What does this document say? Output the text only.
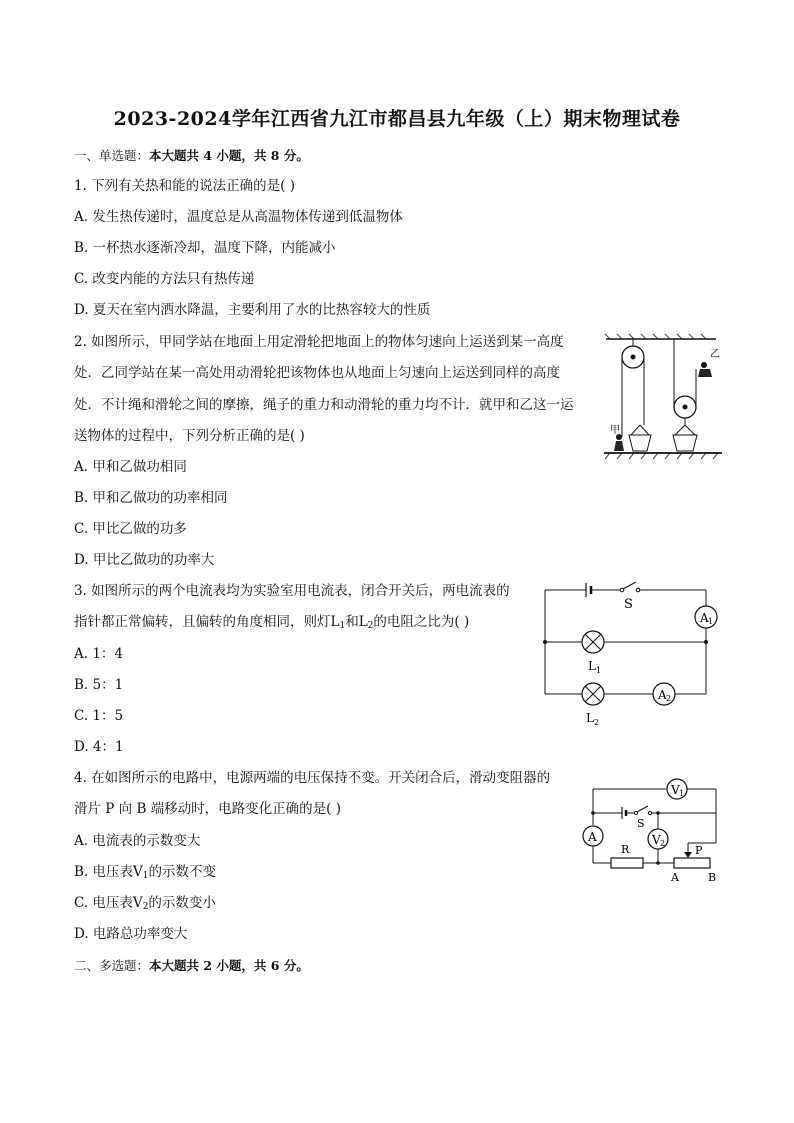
2023-2024学年江西省九江市都昌县九年级（上）期末物理试卷
一、单选题：本大题共 4 小题，共 8 分。
1. 下列有关热和能的说法正确的是( )
A. 发生热传递时，温度总是从高温物体传递到低温物体
B. 一杯热水逐渐冷却，温度下降，内能减小
C. 改变内能的方法只有热传递
D. 夏天在室内洒水降温，主要利用了水的比热容较大的性质
2. 如图所示，甲同学站在地面上用定滑轮把地面上的物体匀速向上运送到某一高度
处．乙同学站在某一高处用动滑轮把该物体也从地面上匀速向上运送到同样的高度
处．不计绳和滑轮之间的摩擦，绳子的重力和动滑轮的重力均不计．就甲和乙这一运
送物体的过程中，下列分析正确的是( )
A. 甲和乙做功相同
B. 甲和乙做功的功率相同
C. 甲比乙做的功多
D. 甲比乙做功的功率大
甲
乙
3. 如图所示的两个电流表均为实验室用电流表，闭合开关后，两电流表的
指针都正常偏转，且偏转的角度相同，则灯$L_1$和$L_2$的电阻之比为( )
A. 1：4
B. 5：1
C. 1：5
D. 4：1
S
A 1
L 1
A 2
L 2
4. 在如图所示的电路中，电源两端的电压保持不变。开关闭合后，滑动变阻器的
滑片 P 向 B 端移动时，电路变化正确的是( )
A. 电流表的示数变大
B. 电压表$V_1$的示数不变
C. 电压表$V_2$的示数变小
D. 电路总功率变大
V 1
S
V 2
A
R	P
A	B
二、多选题：本大题共 2 小题，共 6 分。
